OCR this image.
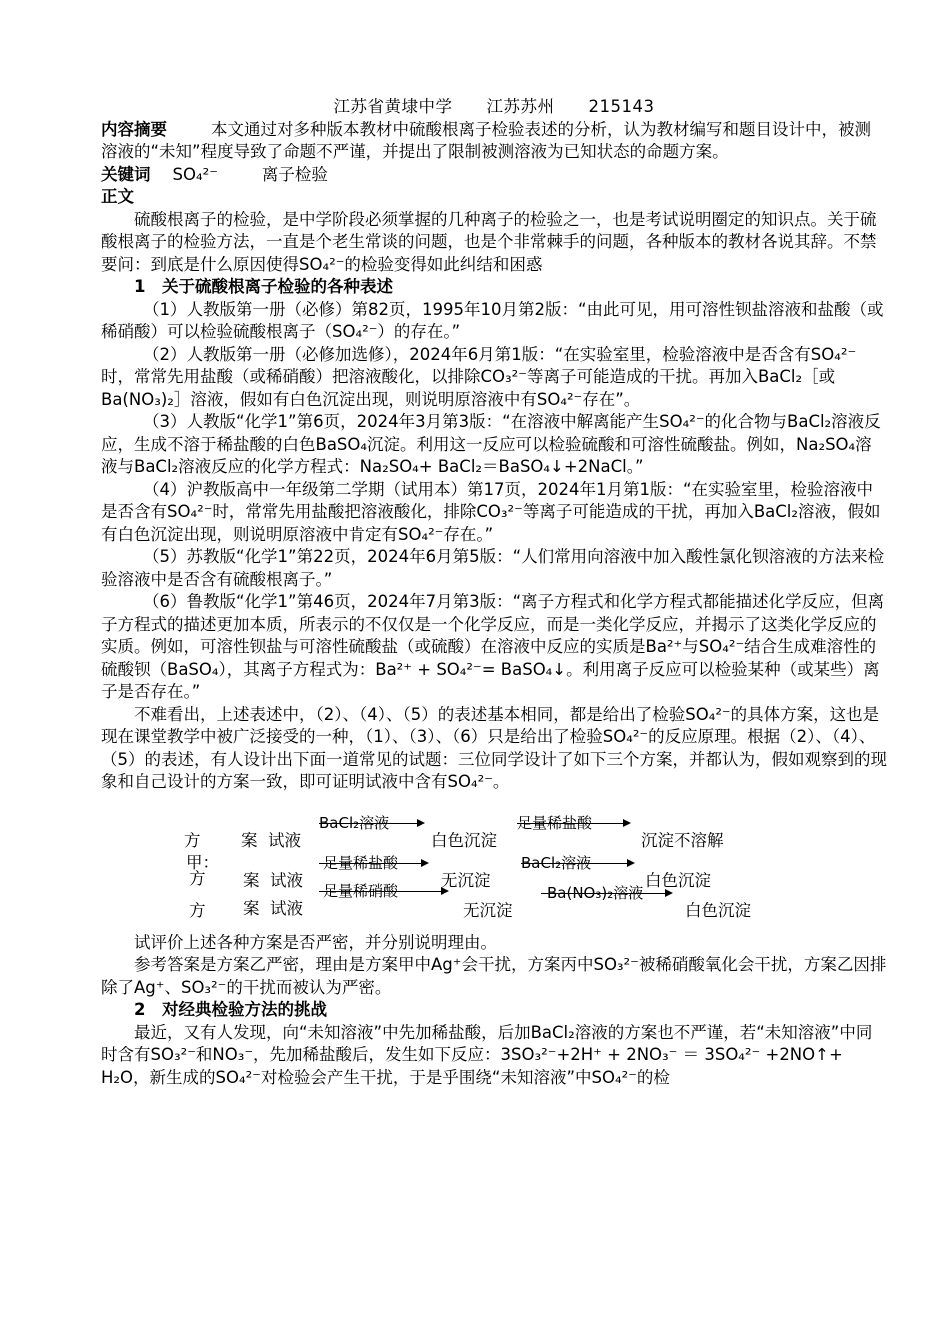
江苏省黄埭中学　　江苏苏州　　215143

内容摘要	本文通过对多种版本教材中硫酸根离子检验表述的分析，认为教材编写和题目设计中，被测溶液的“未知”程度导致了命题不严谨，并提出了限制被测溶液为已知状态的命题方案。

关键词 SO₄²⁻	离子检验

正文

硫酸根离子的检验，是中学阶段必须掌握的几种离子的检验之一，也是考试说明圈定的知识点。关于硫酸根离子的检验方法，一直是个老生常谈的问题，也是个非常棘手的问题，各种版本的教材各说其辞。不禁要问：到底是什么原因使得SO₄²⁻的检验变得如此纠结和困惑

1　关于硫酸根离子检验的各种表述

（1）人教版第一册（必修）第82页，1995年10月第2版：“由此可见，用可溶性钡盐溶液和盐酸（或稀硝酸）可以检验硫酸根离子（SO₄²⁻）的存在。”

（2）人教版第一册（必修加选修），2024年6月第1版：“在实验室里，检验溶液中是否含有SO₄²⁻时，常常先用盐酸（或稀硝酸）把溶液酸化，以排除CO₃²⁻等离子可能造成的干扰。再加入BaCl₂［或Ba(NO₃)₂］溶液，假如有白色沉淀出现，则说明原溶液中有SO₄²⁻存在”。

（3）人教版“化学1”第6页，2024年3月第3版：“在溶液中解离能产生SO₄²⁻的化合物与BaCl₂溶液反应，生成不溶于稀盐酸的白色BaSO₄沉淀。利用这一反应可以检验硫酸和可溶性硫酸盐。例如，Na₂SO₄溶液与BaCl₂溶液反应的化学方程式：Na₂SO₄+ BaCl₂＝BaSO₄↓+2NaCl。”

（4）沪教版高中一年级第二学期（试用本）第17页，2024年1月第1版：“在实验室里，检验溶液中是否含有SO₄²⁻时，常常先用盐酸把溶液酸化，排除CO₃²⁻等离子可能造成的干扰，再加入BaCl₂溶液，假如有白色沉淀出现，则说明原溶液中肯定有SO₄²⁻存在。”

（5）苏教版“化学1”第22页，2024年6月第5版：“人们常用向溶液中加入酸性氯化钡溶液的方法来检验溶液中是否含有硫酸根离子。”

（6）鲁教版“化学1”第46页，2024年7月第3版：“离子方程式和化学方程式都能描述化学反应，但离子方程式的描述更加本质，所表示的不仅仅是一个化学反应，而是一类化学反应，并揭示了这类化学反应的实质。例如，可溶性钡盐与可溶性硫酸盐（或硫酸）在溶液中反应的实质是Ba²⁺与SO₄²⁻结合生成难溶性的硫酸钡（BaSO₄），其离子方程式为：Ba²⁺ + SO₄²⁻= BaSO₄↓。利用离子反应可以检验某种（或某些）离子是否存在。”

不难看出，上述表述中，（2）、（4）、（5）的表述基本相同，都是给出了检验SO₄²⁻的具体方案，这也是现在课堂教学中被广泛接受的一种，（1）、（3）、（6）只是给出了检验SO₄²⁻的反应原理。根据（2）、（4）、（5）的表述，有人设计出下面一道常见的试题：三位同学设计了如下三个方案，并都认为，假如观察到的现象和自己设计的方案一致，即可证明试液中含有SO₄²⁻。

方 案 试液
BaCl₂溶液
白色沉淀
足量稀盐酸
沉淀不溶解
甲：
方 案 试液
足量稀盐酸
无沉淀
BaCl₂溶液
白色沉淀
方 案 试液
足量稀硝酸
无沉淀
Ba(NO₃)₂溶液
白色沉淀

试评价上述各种方案是否严密，并分别说明理由。

参考答案是方案乙严密，理由是方案甲中Ag⁺会干扰，方案丙中SO₃²⁻被稀硝酸氧化会干扰，方案乙因排除了Ag⁺、SO₃²⁻的干扰而被认为严密。

2　对经典检验方法的挑战

最近，又有人发现，向“未知溶液”中先加稀盐酸，后加BaCl₂溶液的方案也不严谨，若“未知溶液”中同时含有SO₃²⁻和NO₃⁻，先加稀盐酸后，发生如下反应：3SO₃²⁻+2H⁺ + 2NO₃⁻ ＝ 3SO₄²⁻ +2NO↑+ H₂O，新生成的SO₄²⁻对检验会产生干扰，于是乎围绕“未知溶液”中SO₄²⁻的检
